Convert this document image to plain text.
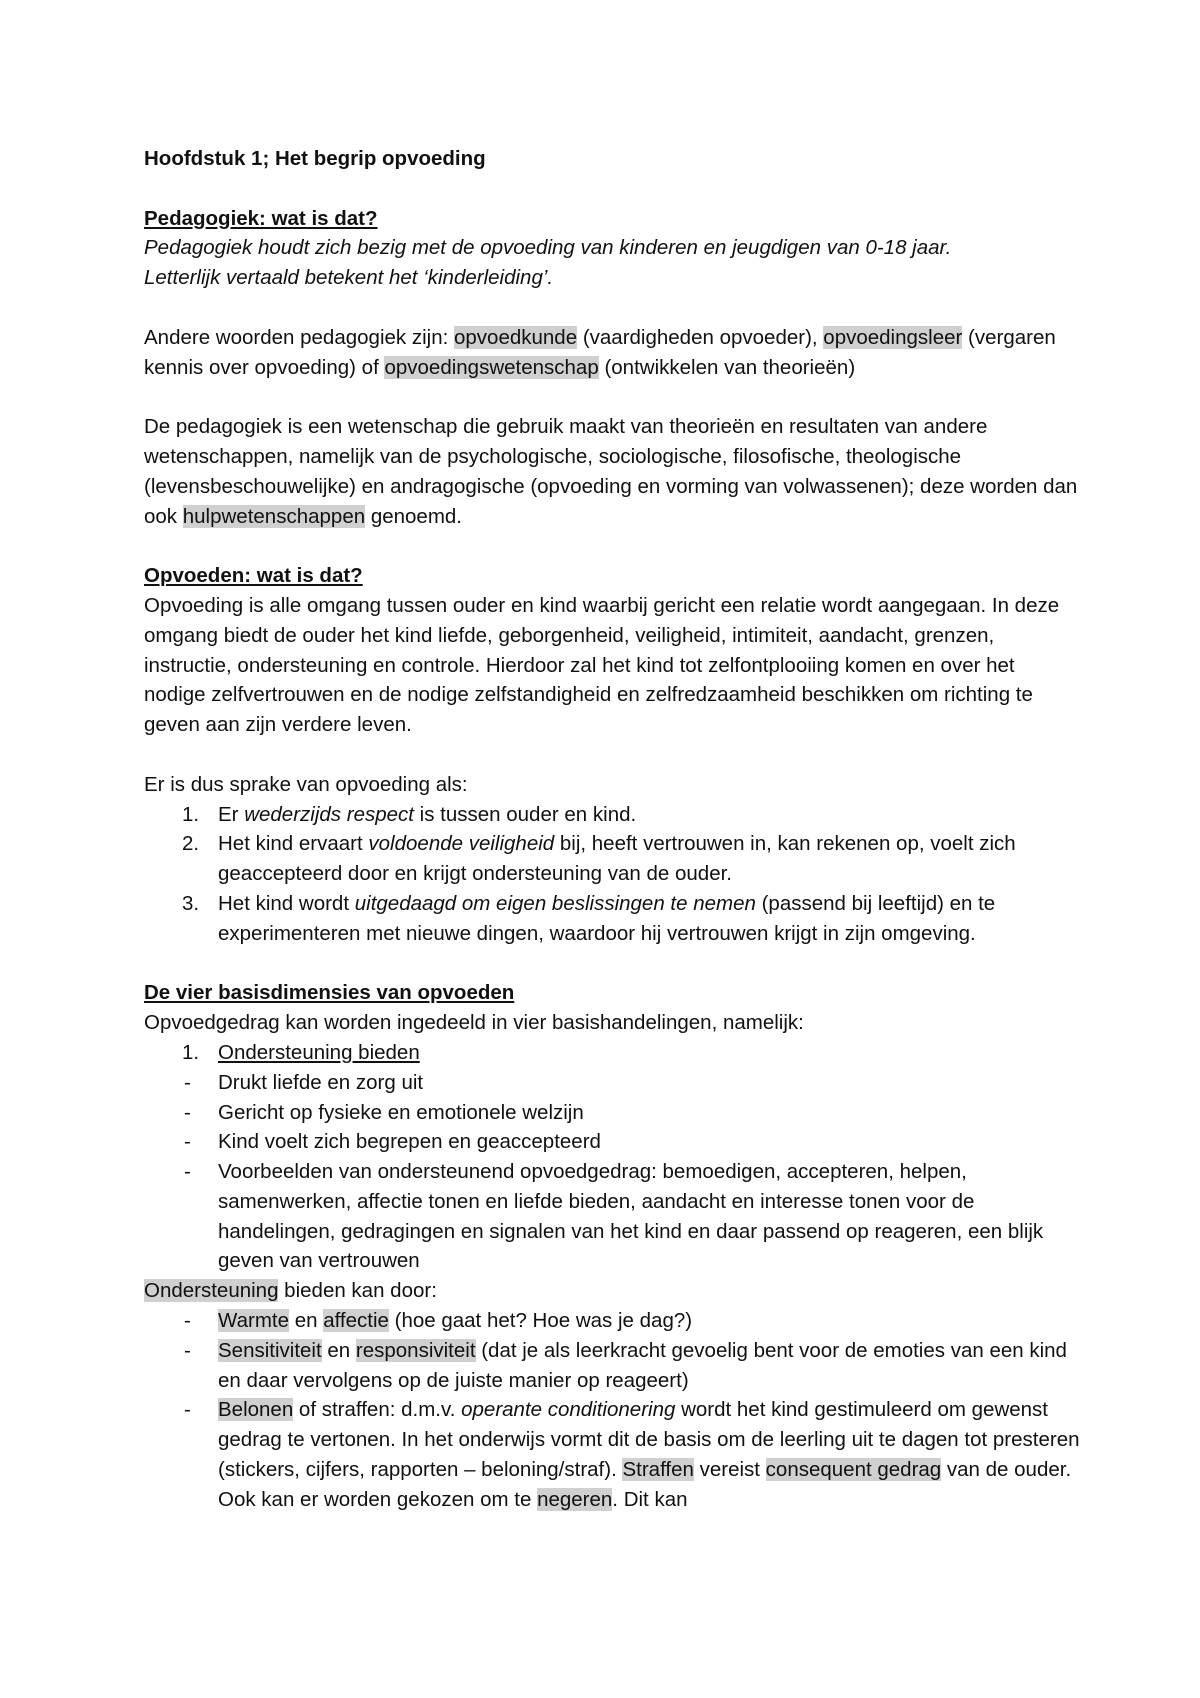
Hoofdstuk 1; Het begrip opvoeding

Pedagogiek: wat is dat?

Pedagogiek houdt zich bezig met de opvoeding van kinderen en jeugdigen van 0-18 jaar.

Letterlijk vertaald betekent het ‘kinderleiding’.

Andere woorden pedagogiek zijn: opvoedkunde (vaardigheden opvoeder), opvoedingsleer (vergaren kennis over opvoeding) of opvoedingswetenschap (ontwikkelen van theorieën)

De pedagogiek is een wetenschap die gebruik maakt van theorieën en resultaten van andere wetenschappen, namelijk van de psychologische, sociologische, filosofische, theologische (levensbeschouwelijke) en andragogische (opvoeding en vorming van volwassenen); deze worden dan ook hulpwetenschappen genoemd.

Opvoeden: wat is dat?

Opvoeding is alle omgang tussen ouder en kind waarbij gericht een relatie wordt aangegaan. In deze omgang biedt de ouder het kind liefde, geborgenheid, veiligheid, intimiteit, aandacht, grenzen, instructie, ondersteuning en controle. Hierdoor zal het kind tot zelfontplooiing komen en over het nodige zelfvertrouwen en de nodige zelfstandigheid en zelfredzaamheid beschikken om richting te geven aan zijn verdere leven.

Er is dus sprake van opvoeding als:

1. Er wederzijds respect is tussen ouder en kind.
2. Het kind ervaart voldoende veiligheid bij, heeft vertrouwen in, kan rekenen op, voelt zich geaccepteerd door en krijgt ondersteuning van de ouder.
3. Het kind wordt uitgedaagd om eigen beslissingen te nemen (passend bij leeftijd) en te experimenteren met nieuwe dingen, waardoor hij vertrouwen krijgt in zijn omgeving.

De vier basisdimensies van opvoeden

Opvoedgedrag kan worden ingedeeld in vier basishandelingen, namelijk:

1. Ondersteuning bieden
- Drukt liefde en zorg uit
- Gericht op fysieke en emotionele welzijn
- Kind voelt zich begrepen en geaccepteerd
- Voorbeelden van ondersteunend opvoedgedrag: bemoedigen, accepteren, helpen, samenwerken, affectie tonen en liefde bieden, aandacht en interesse tonen voor de handelingen, gedragingen en signalen van het kind en daar passend op reageren, een blijk geven van vertrouwen

Ondersteuning bieden kan door:

- Warmte en affectie (hoe gaat het? Hoe was je dag?)
- Sensitiviteit en responsiviteit (dat je als leerkracht gevoelig bent voor de emoties van een kind en daar vervolgens op de juiste manier op reageert)
- Belonen of straffen: d.m.v. operante conditionering wordt het kind gestimuleerd om gewenst gedrag te vertonen. In het onderwijs vormt dit de basis om de leerling uit te dagen tot presteren (stickers, cijfers, rapporten – beloning/straf). Straffen vereist consequent gedrag van de ouder. Ook kan er worden gekozen om te negeren. Dit kan
